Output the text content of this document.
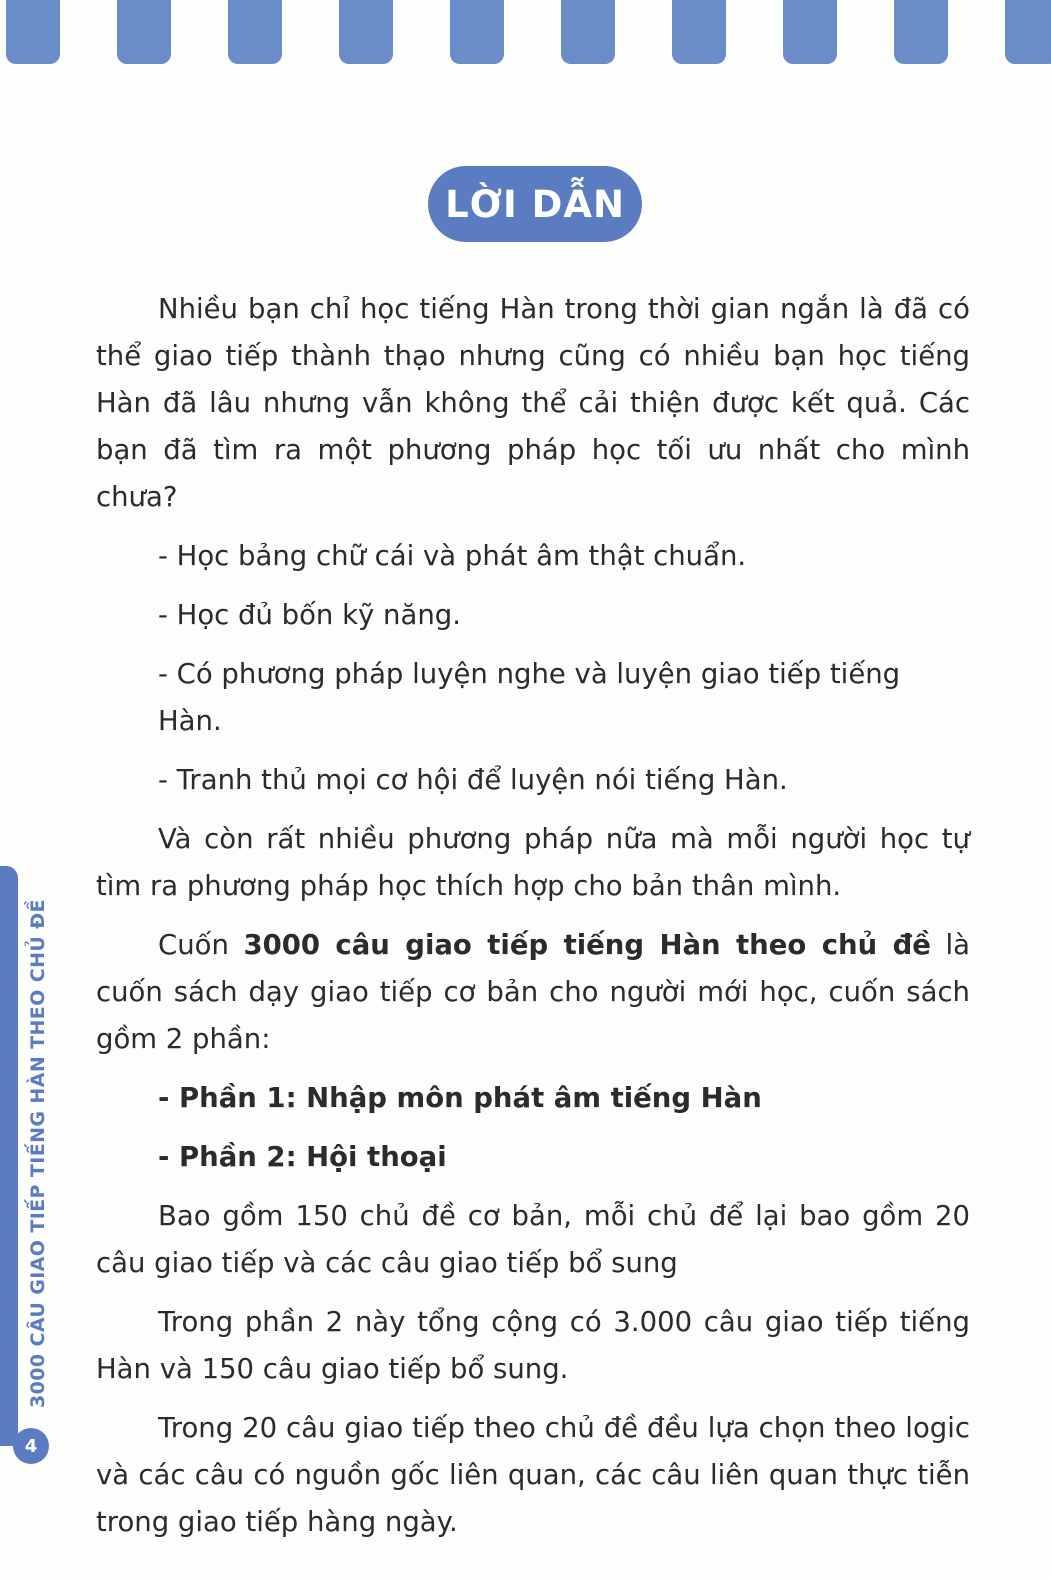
LỜI DẪN

Nhiều bạn chỉ học tiếng Hàn trong thời gian ngắn là đã có thể giao tiếp thành thạo nhưng cũng có nhiều bạn học tiếng Hàn đã lâu nhưng vẫn không thể cải thiện được kết quả. Các bạn đã tìm ra một phương pháp học tối ưu nhất cho mình chưa?

- Học bảng chữ cái và phát âm thật chuẩn.

- Học đủ bốn kỹ năng.

- Có phương pháp luyện nghe và luyện giao tiếp tiếng Hàn.

- Tranh thủ mọi cơ hội để luyện nói tiếng Hàn.

Và còn rất nhiều phương pháp nữa mà mỗi người học tự tìm ra phương pháp học thích hợp cho bản thân mình.

Cuốn 3000 câu giao tiếp tiếng Hàn theo chủ đề là cuốn sách dạy giao tiếp cơ bản cho người mới học, cuốn sách gồm 2 phần:

- Phần 1: Nhập môn phát âm tiếng Hàn

- Phần 2: Hội thoại

Bao gồm 150 chủ đề cơ bản, mỗi chủ để lại bao gồm 20 câu giao tiếp và các câu giao tiếp bổ sung

Trong phần 2 này tổng cộng có 3.000 câu giao tiếp tiếng Hàn và 150 câu giao tiếp bổ sung.

Trong 20 câu giao tiếp theo chủ đề đều lựa chọn theo logic và các câu có nguồn gốc liên quan, các câu liên quan thực tiễn trong giao tiếp hàng ngày.

3000 CÂU GIAO TIẾP TIẾNG HÀN THEO CHỦ ĐỀ
4
